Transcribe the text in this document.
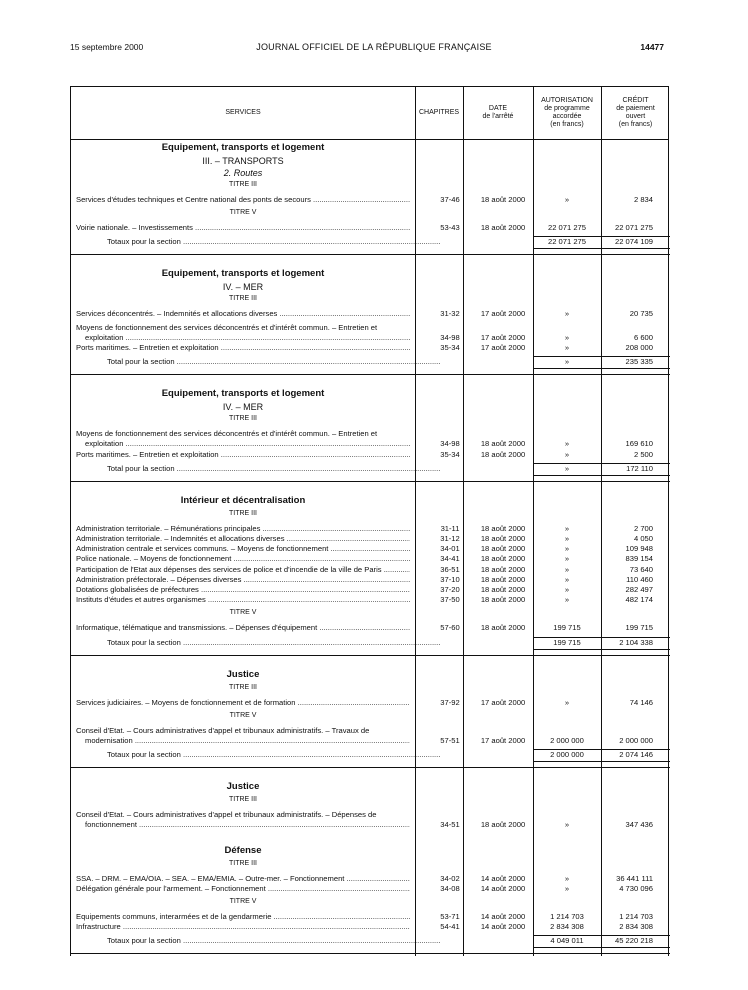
15 septembre 2000	JOURNAL OFFICIEL DE LA RÉPUBLIQUE FRANÇAISE	14477
SERVICES	CHAPITRES
DATE
de l'arrêté
AUTORISATION
de programme
accordée
(en francs)
CRÉDIT
de paiement
ouvert
(en francs)
Equipement, transports et logement
III. – TRANSPORTS
2. Routes
TITRE III
Services d'études techniques et Centre national des ponts de secours .....	37-46	18 août 2000	»	2 834
TITRE V
Voirie nationale. – Investissements .....	53-43	18 août 2000	22 071 275	22 071 275
Totaux pour la section .....	22 071 275	22 074 109
Equipement, transports et logement
IV. – MER
TITRE III
Services déconcentrés. – Indemnités et allocations diverses .....	31-32	17 août 2000	»	20 735
Moyens de fonctionnement des services déconcentrés et d'intérêt commun. – Entretien et
exploitation .....	34-98	17 août 2000	»	6 600
Ports maritimes. – Entretien et exploitation .....	35-34	17 août 2000	»	208 000
Total pour la section .....	»	235 335
Equipement, transports et logement
IV. – MER
TITRE III
Moyens de fonctionnement des services déconcentrés et d'intérêt commun. – Entretien et
exploitation .....	34-98	18 août 2000	»	169 610
Ports maritimes. – Entretien et exploitation .....	35-34	18 août 2000	»	2 500
Total pour la section .....	»	172 110
Intérieur et décentralisation
TITRE III
Administration territoriale. – Rémunérations principales .....	31-11	18 août 2000	»	2 700
Administration territoriale. – Indemnités et allocations diverses .....	31-12	18 août 2000	»	4 050
Administration centrale et services communs. – Moyens de fonctionnement .....	34-01	18 août 2000	»	109 948
Police nationale. – Moyens de fonctionnement .....	34-41	18 août 2000	»	839 154
Participation de l'Etat aux dépenses des services de police et d'incendie de la ville de Paris .....	36-51	18 août 2000	»	73 640
Administration préfectorale. – Dépenses diverses .....	37-10	18 août 2000	»	110 460
Dotations globalisées de préfectures .....	37-20	18 août 2000	»	282 497
Instituts d'études et autres organismes .....	37-50	18 août 2000	»	482 174
TITRE V
Informatique, télématique and transmissions. – Dépenses d'équipement .....	57-60	18 août 2000	199 715	199 715
Totaux pour la section .....	199 715	2 104 338
Justice
TITRE III
Services judiciaires. – Moyens de fonctionnement et de formation .....	37-92	17 août 2000	»	74 146
TITRE V
Conseil d'Etat. – Cours administratives d'appel et tribunaux administratifs. – Travaux de
modernisation .....	57-51	17 août 2000	2 000 000	2 000 000
Totaux pour la section .....	2 000 000	2 074 146
Justice
TITRE III
Conseil d'Etat. – Cours administratives d'appel et tribunaux administratifs. – Dépenses de
fonctionnement .....	34-51	18 août 2000	»	347 436
Défense
TITRE III
SSA. – DRM. – EMA/OIA. – SEA. – EMA/EMIA. – Outre-mer. – Fonctionnement .....	34-02	14 août 2000	»	36 441 111
Délégation générale pour l'armement. – Fonctionnement .....	34-08	14 août 2000	»	4 730 096
TITRE V
Equipements communs, interarmées et de la gendarmerie .....	53-71	14 août 2000	1 214 703	1 214 703
Infrastructure .....	54-41	14 août 2000	2 834 308	2 834 308
Totaux pour la section .....	4 049 011	45 220 218
